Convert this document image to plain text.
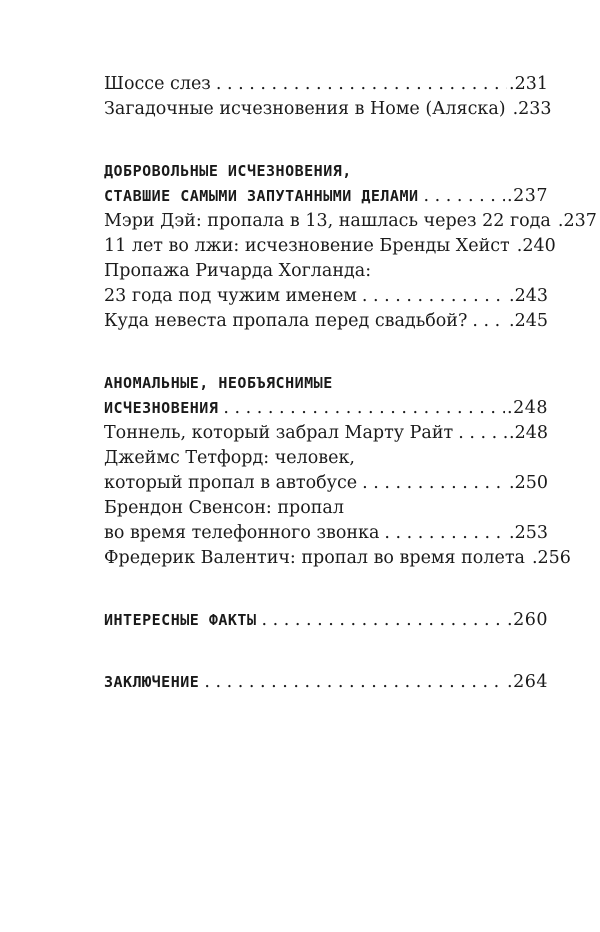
Шоссе слез . . .	.231
Загадочные исчезновения в Номе (Аляска) .233
ДОБРОВОЛЬНЫЕ ИСЧЕЗНОВЕНИЯ,
СТАВШИЕ САМЫМИ ЗАПУТАННЫМИ ДЕЛАМИ . . .	.237
Мэри Дэй: пропала в 13, нашлась через 22 года .237
11 лет во лжи: исчезновение Бренды Хейст .240
Пропажа Ричарда Хогланда:
23 года под чужим именем . . .	.243
Куда невеста пропала перед свадьбой? . . . .245
АНОМАЛЬНЫЕ, НЕОБЪЯСНИМЫЕ
ИСЧЕЗНОВЕНИЯ . . .	.248
Тоннель, который забрал Марту Райт . . .	.248
Джеймс Тетфорд: человек,
который пропал в автобусе . . .	.250
Брендон Свенсон: пропал
во время телефонного звонка . . .	.253
Фредерик Валентич: пропал во время полета .256
ИНТЕРЕСНЫЕ ФАКТЫ . . .	.260
ЗАКЛЮЧЕНИЕ . . .	.264
